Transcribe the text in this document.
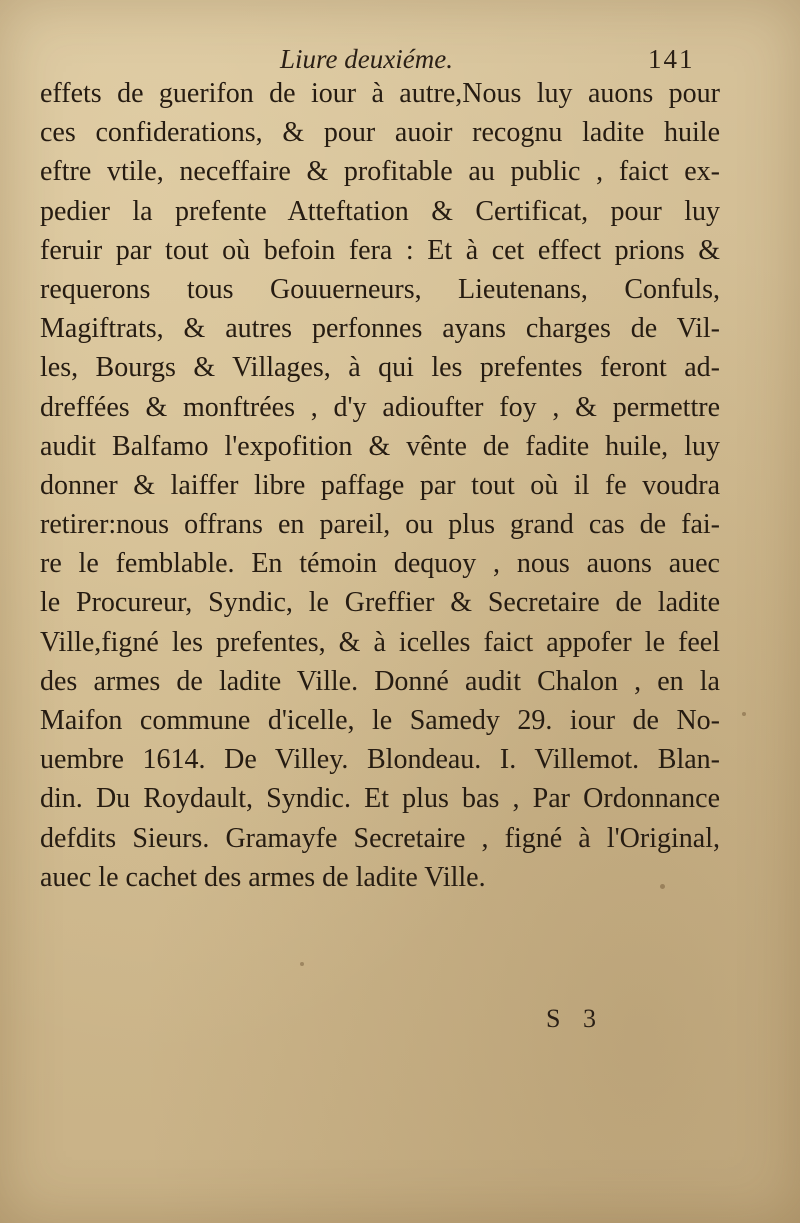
Liure deuxiéme.	141
effets de guerifon de iour à autre,Nous luy auons pour
ces confiderations, & pour auoir recognu ladite huile
eftre vtile, neceffaire & profitable au public , faict ex-
pedier la prefente Atteftation & Certificat, pour luy
feruir par tout où befoin fera : Et à cet effect prions &
requerons tous Gouuerneurs, Lieutenans, Confuls,
Magiftrats, & autres perfonnes ayans charges de Vil-
les, Bourgs & Villages, à qui les prefentes feront ad-
dreffées & monftrées , d'y adioufter foy , & permettre
audit Balfamo l'expofition & vênte de fadite huile, luy
donner & laiffer libre paffage par tout où il fe voudra
retirer:nous offrans en pareil, ou plus grand cas de fai-
re le femblable. En témoin dequoy , nous auons auec
le Procureur, Syndic, le Greffier & Secretaire de ladite
Ville,figné les prefentes, & à icelles faict appofer le feel
des armes de ladite Ville. Donné audit Chalon , en la
Maifon commune d'icelle, le Samedy 29. iour de No-
uembre 1614. De Villey. Blondeau. I. Villemot. Blan-
din. Du Roydault, Syndic. Et plus bas , Par Ordonnance
defdits Sieurs. Gramayfe Secretaire , figné à l'Original,
auec le cachet des armes de ladite Ville.
S 3
